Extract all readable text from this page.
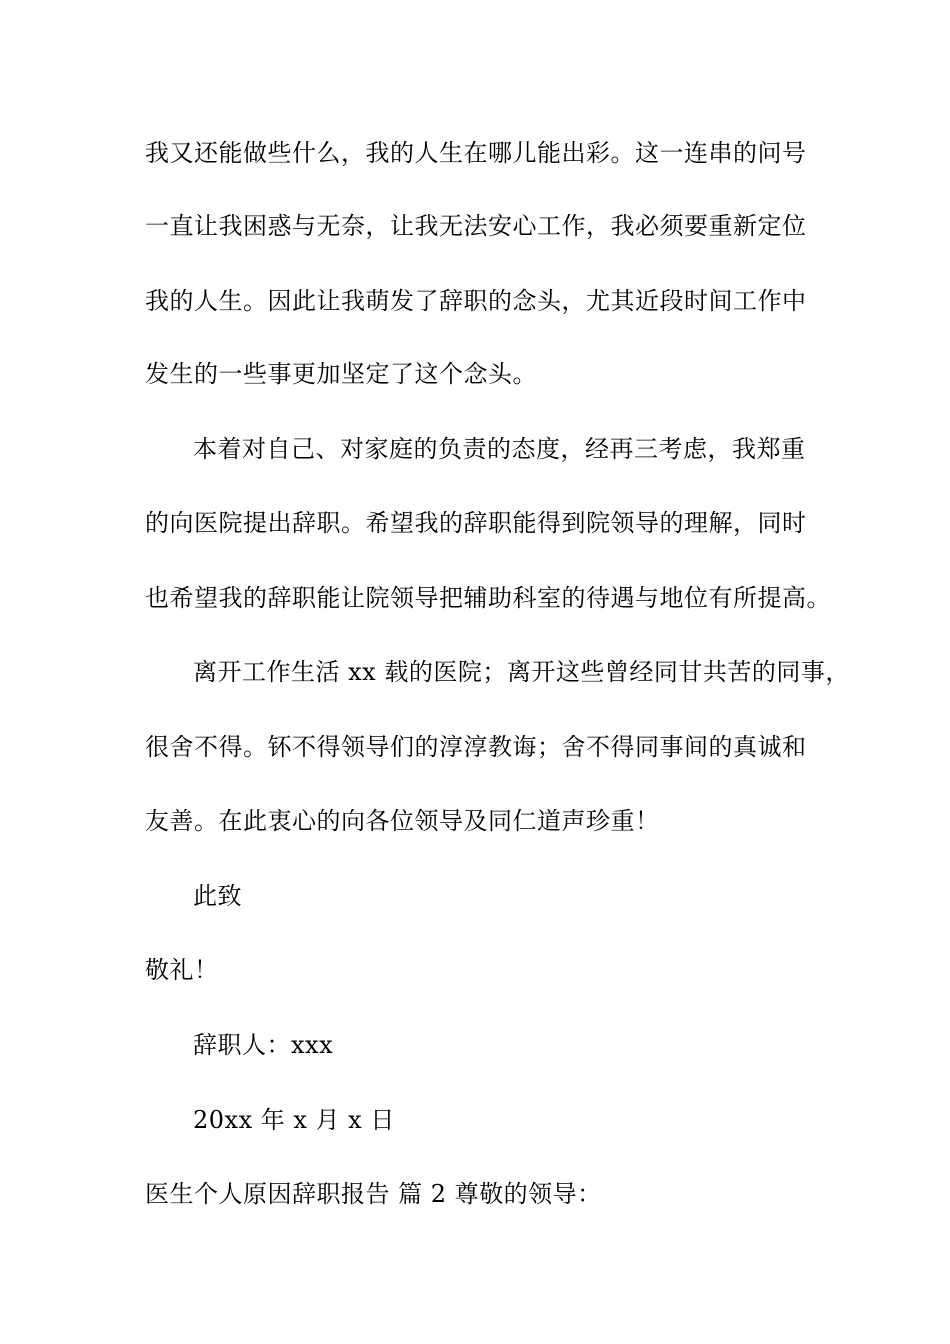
我又还能做些什么，我的人生在哪儿能出彩。这一连串的问号
一直让我困惑与无奈，让我无法安心工作，我必须要重新定位
我的人生。因此让我萌发了辞职的念头，尤其近段时间工作中
发生的一些事更加坚定了这个念头。
本着对自己、对家庭的负责的态度，经再三考虑，我郑重
的向医院提出辞职。希望我的辞职能得到院领导的理解，同时
也希望我的辞职能让院领导把辅助科室的待遇与地位有所提高。
离开工作生活 xx 载的医院；离开这些曾经同甘共苦的同事，
很舍不得。钚不得领导们的淳淳教诲；舍不得同事间的真诚和
友善。在此衷心的向各位领导及同仁道声珍重！
此致
敬礼！
辞职人：xxx
20xx 年 x 月 x 日
医生个人原因辞职报告 篇 2 尊敬的领导：
